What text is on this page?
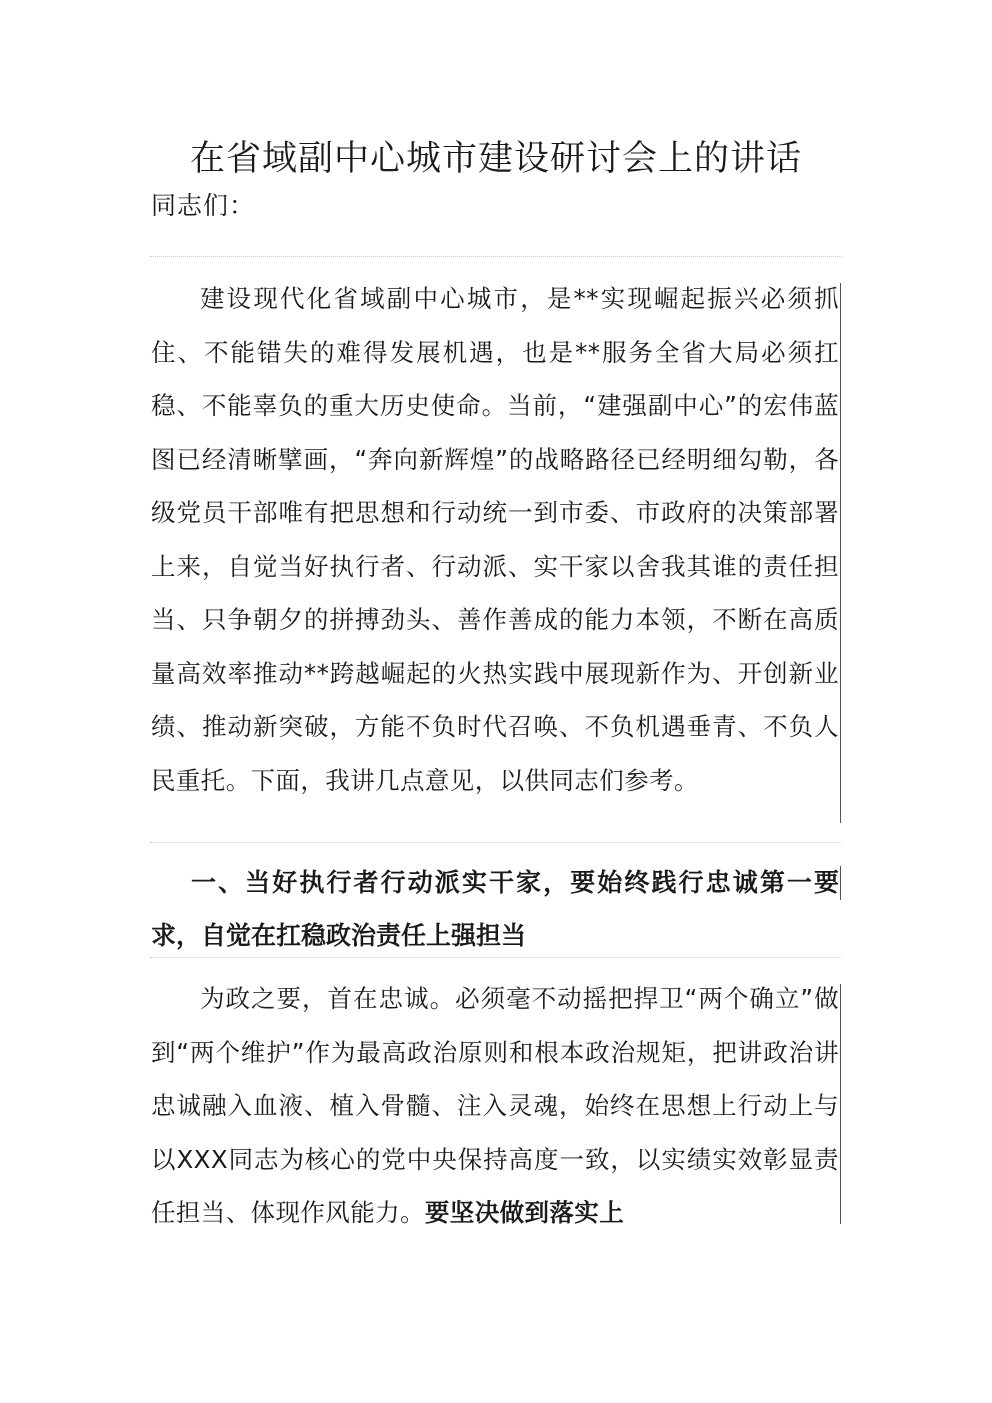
在省域副中心城市建设研讨会上的讲话
同志们：

建设现代化省域副中心城市，是**实现崛起振兴必须抓住、不能错失的难得发展机遇，也是**服务全省大局必须扛稳、不能辜负的重大历史使命。当前，“建强副中心”的宏伟蓝图已经清晰擘画，“奔向新辉煌”的战略路径已经明细勾勒，各级党员干部唯有把思想和行动统一到市委、市政府的决策部署上来，自觉当好执行者、行动派、实干家以舍我其谁的责任担当、只争朝夕的拼搏劲头、善作善成的能力本领，不断在高质量高效率推动**跨越崛起的火热实践中展现新作为、开创新业绩、推动新突破，方能不负时代召唤、不负机遇垂青、不负人民重托。下面，我讲几点意见，以供同志们参考。

一、当好执行者行动派实干家，要始终践行忠诚第一要求，自觉在扛稳政治责任上强担当

为政之要，首在忠诚。必须毫不动摇把捍卫“两个确立”做到“两个维护”作为最高政治原则和根本政治规矩，把讲政治讲忠诚融入血液、植入骨髓、注入灵魂，始终在思想上行动上与以XXX同志为核心的党中央保持高度一致，以实绩实效彰显责任担当、体现作风能力。要坚决做到落实上
